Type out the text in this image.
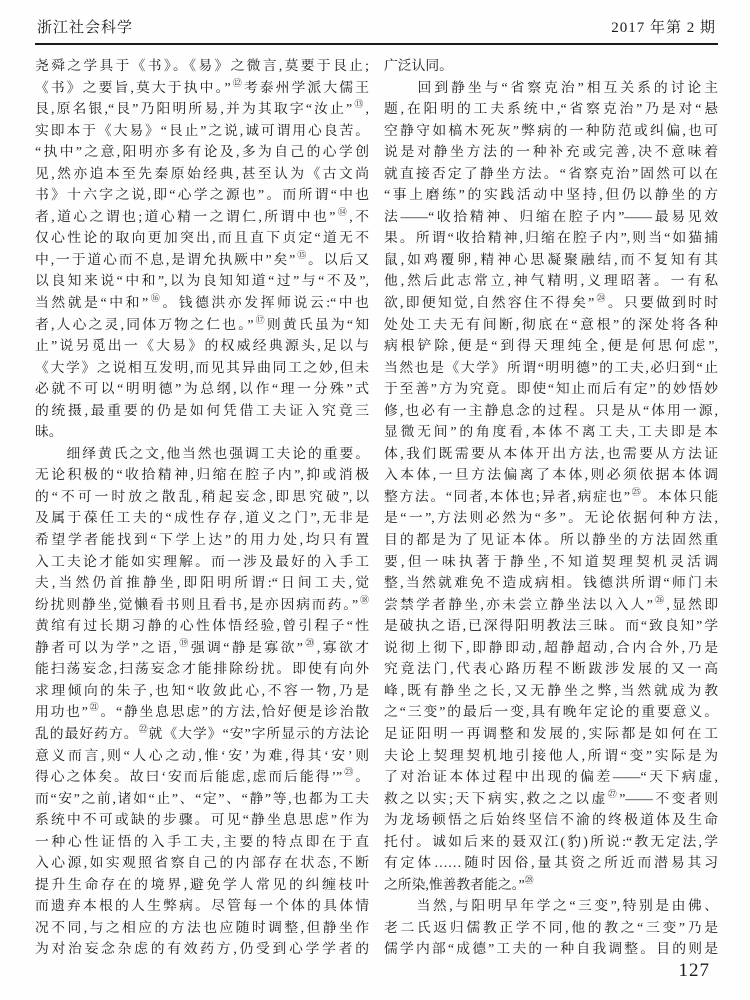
浙江社会科学	2017 年第 2 期
尧舜之学具于《书》。《易》之微言,莫要于艮止;
《书》之要旨,莫大于执中。”⑫考泰州学派大儒王
艮,原名银,“艮”乃阳明所易,并为其取字“汝止”⑬,
实即本于《大易》“艮止”之说,诚可谓用心良苦。
“执中”之意,阳明亦多有论及,多为自己的心学创
见,然亦追本至先秦原始经典,甚至认为《古文尚
书》十六字之说,即“心学之源也”。而所谓“中也
者,道心之谓也;道心精一之谓仁,所谓中也”⑭,不
仅心性论的取向更加突出,而且直下贞定“道无不
中,一于道心而不息,是谓允执厥中”矣”⑮。以后又
以良知来说“中和”,以为良知知道“过”与“不及”,
当然就是“中和”⑯。钱德洪亦发挥师说云:“中也
者,人心之灵,同体万物之仁也。”⑰则黄氏虽为“知
止”说另觅出一《大易》的权威经典源头,足以与
《大学》之说相互发明,而见其异曲同工之妙,但未
必就不可以“明明德”为总纲,以作“理一分殊”式
的统摄,最重要的仍是如何凭借工夫证入究竟三
昧。
　　细绎黄氏之文,他当然也强调工夫论的重要。
无论积极的“收拾精神,归缩在腔子内”,抑或消极
的“不可一时放之散乱,稍起妄念,即思究破”,以
及属于葆任工夫的“成性存存,道义之门”,无非是
希望学者能找到“下学上达”的用力处,均只有置
入工夫论才能如实理解。而一涉及最好的入手工
夫,当然仍首推静坐,即阳明所谓:“日间工夫,觉
纷扰则静坐,觉懒看书则且看书,是亦因病而药。”⑱
黄绾有过长期习静的心性体悟经验,曾引程子“性
静者可以为学”之语,⑲强调“静是寡欲”⑳,寡欲才
能扫荡妄念,扫荡妄念才能排除纷扰。即使有向外
求理倾向的朱子,也知“收敛此心,不容一物,乃是
用功也”$^㉑$。“静坐息思虑”的方法,恰好便是诊治散
乱的最好药方。$^㉒$就《大学》“安”字所显示的方法论
意义而言,则“人心之动,惟‘安’为难,得其‘安’则
得心之体矣。故曰‘安而后能虑,虑而后能得’”$^㉓$。
而“安”之前,诸如“止”、“定”、“静”等,也都为工夫
系统中不可或缺的步骤。可见“静坐息思虑”作为
一种心性证悟的入手工夫,主要的特点即在于直
入心源,如实观照省察自己的内部存在状态,不断
提升生命存在的境界,避免学人常见的纠缠枝叶
而遗弃本根的人生弊病。尽管每一个体的具体情
况不同,与之相应的方法也应随时调整,但静坐作
为对治妄念杂虑的有效药方,仍受到心学学者的
广泛认同。
　　回到静坐与“省察克治”相互关系的讨论主
题,在阳明的工夫系统中,“省察克治”乃是对“悬
空静守如槁木死灰”弊病的一种防范或纠偏,也可
说是对静坐方法的一种补充或完善,决不意味着
就直接否定了静坐方法。“省察克治”固然可以在
“事上磨练”的实践活动中坚持,但仍以静坐的方
法——“收拾精神、归缩在腔子内”——最易见效
果。所谓“收拾精神,归缩在腔子内”,则当“如猫捕
鼠,如鸡覆卵,精神心思凝聚融结,而不复知有其
他,然后此志常立,神气精明,义理昭著。一有私
欲,即便知觉,自然容住不得矣”$^㉔$。只要做到时时
处处工夫无有间断,彻底在“意根”的深处将各种
病根铲除,便是“到得天理纯全,便是何思何虑”,
当然也是《大学》所谓“明明德”的工夫,必归到“止
于至善”方为究竟。即使“知止而后有定”的妙悟妙
修,也必有一主静息念的过程。只是从“体用一源,
显微无间”的角度看,本体不离工夫,工夫即是本
体,我们既需要从本体开出方法,也需要从方法证
入本体,一旦方法偏离了本体,则必须依据本体调
整方法。“同者,本体也;异者,病症也”$^㉕$。本体只能
是“一”,方法则必然为“多”。无论依据何种方法,
目的都是为了见证本体。所以静坐的方法固然重
要,但一味执著于静坐,不知道契理契机灵活调
整,当然就难免不造成病相。钱德洪所谓“师门未
尝禁学者静坐,亦未尝立静坐法以入人”$^㉖$,显然即
是破执之语,已深得阳明教法三昧。而“致良知”学
说彻上彻下,即静即动,超静超动,合内合外,乃是
究竟法门,代表心路历程不断跋涉发展的又一高
峰,既有静坐之长,又无静坐之弊,当然就成为教
之“三变”的最后一变,具有晚年定论的重要意义。
足证阳明一再调整和发展的,实际都是如何在工
夫论上契理契机地引接他人,所谓“变”实际是为
了对治证本体过程中出现的偏差——“天下病虚,
救之以实;天下病实,救之之以虚$^㉗$”——不变者则
为龙场顿悟之后始终坚信不渝的终极道体及生命
托付。诚如后来的聂双江(豹)所说:“教无定法,学
有定体……随时因俗,量其资之所近而潜易其习
之所染,惟善教者能之。”$^㉘$
　　当然,与阳明早年学之“三变”,特别是由佛、
老二氏返归儒教正学不同,他的教之“三变”乃是
儒学内部“成德”工夫的一种自我调整。目的则是
127
